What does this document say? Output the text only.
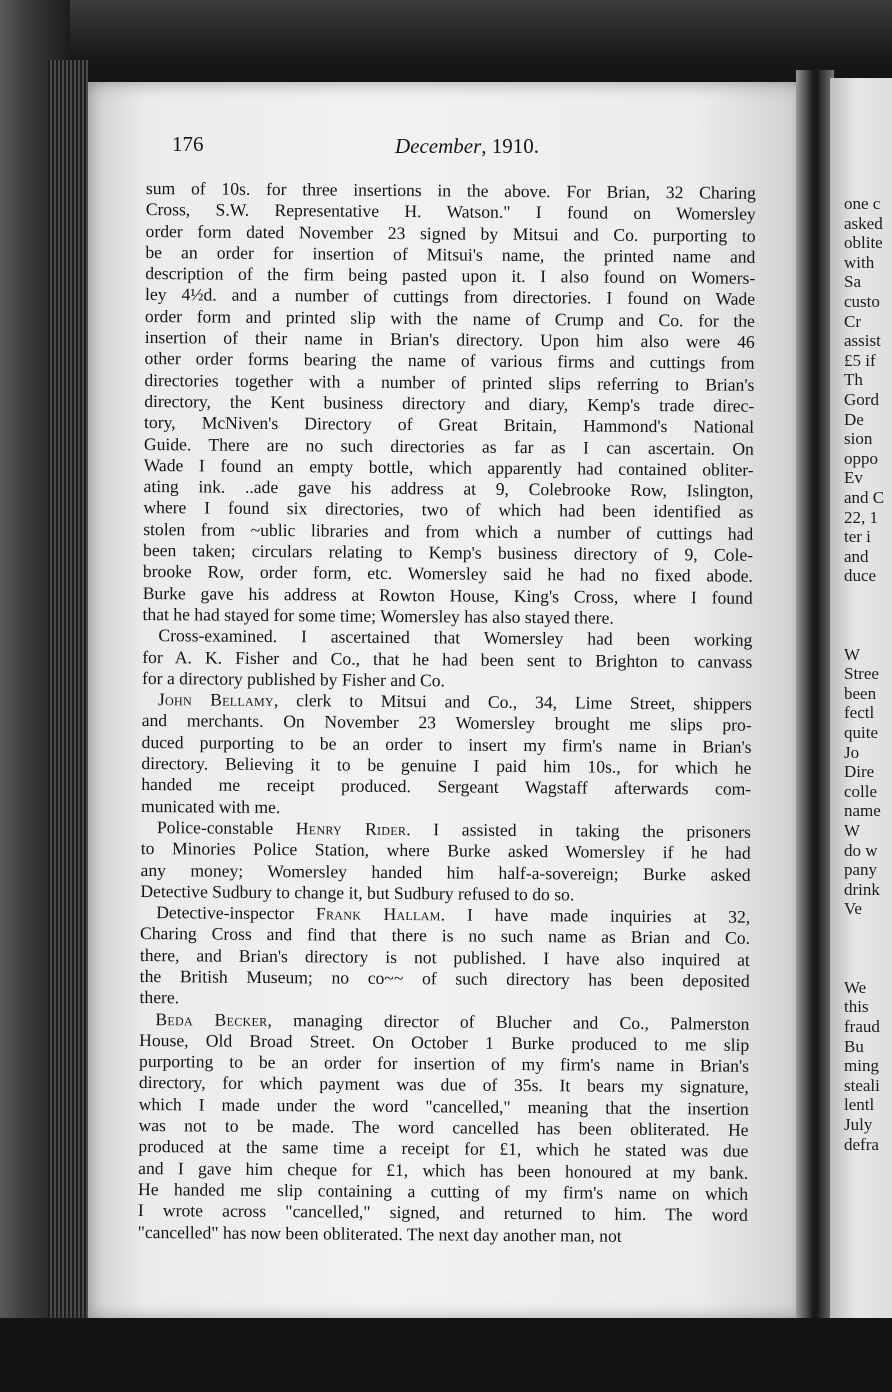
one c
asked
oblite
with
Sa
custo
Cr
assist
£5 if
Th
Gord
De
sion
oppo
Ev
and C
22, 1
ter i
and
duce
W
Stree
been
fectl
quite
Jo
Dire
colle
name
W
do w
pany
drink
Ve
We
this
fraud
Bu
ming
steali
lentl
July
defra
176	December, 1910.
sum of 10s. for three insertions in the above. For Brian, 32 Charing
Cross, S.W. Representative H. Watson." I found on Womersley
order form dated November 23 signed by Mitsui and Co. purporting to
be an order for insertion of Mitsui's name, the printed name and
description of the firm being pasted upon it. I also found on Womers-
ley 4½d. and a number of cuttings from directories. I found on Wade
order form and printed slip with the name of Crump and Co. for the
insertion of their name in Brian's directory. Upon him also were 46
other order forms bearing the name of various firms and cuttings from
directories together with a number of printed slips referring to Brian's
directory, the Kent business directory and diary, Kemp's trade direc-
tory, McNiven's Directory of Great Britain, Hammond's National
Guide. There are no such directories as far as I can ascertain. On
Wade I found an empty bottle, which apparently had contained obliter-
ating ink. ..ade gave his address at 9, Colebrooke Row, Islington,
where I found six directories, two of which had been identified as
stolen from ~ublic libraries and from which a number of cuttings had
been taken; circulars relating to Kemp's business directory of 9, Cole-
brooke Row, order form, etc. Womersley said he had no fixed abode.
Burke gave his address at Rowton House, King's Cross, where I found
that he had stayed for some time; Womersley has also stayed there.
Cross-examined. I ascertained that Womersley had been working
for A. K. Fisher and Co., that he had been sent to Brighton to canvass
for a directory published by Fisher and Co.
John Bellamy, clerk to Mitsui and Co., 34, Lime Street, shippers
and merchants. On November 23 Womersley brought me slips pro-
duced purporting to be an order to insert my firm's name in Brian's
directory. Believing it to be genuine I paid him 10s., for which he
handed me receipt produced. Sergeant Wagstaff afterwards com-
municated with me.
Police-constable Henry Rider. I assisted in taking the prisoners
to Minories Police Station, where Burke asked Womersley if he had
any money; Womersley handed him half-a-sovereign; Burke asked
Detective Sudbury to change it, but Sudbury refused to do so.
Detective-inspector Frank Hallam. I have made inquiries at 32,
Charing Cross and find that there is no such name as Brian and Co.
there, and Brian's directory is not published. I have also inquired at
the British Museum; no co~~ of such directory has been deposited
there.
Beda Becker, managing director of Blucher and Co., Palmerston
House, Old Broad Street. On October 1 Burke produced to me slip
purporting to be an order for insertion of my firm's name in Brian's
directory, for which payment was due of 35s. It bears my signature,
which I made under the word "cancelled," meaning that the insertion
was not to be made. The word cancelled has been obliterated. He
produced at the same time a receipt for £1, which he stated was due
and I gave him cheque for £1, which has been honoured at my bank.
He handed me slip containing a cutting of my firm's name on which
I wrote across "cancelled," signed, and returned to him. The word
"cancelled" has now been obliterated. The next day another man, not
